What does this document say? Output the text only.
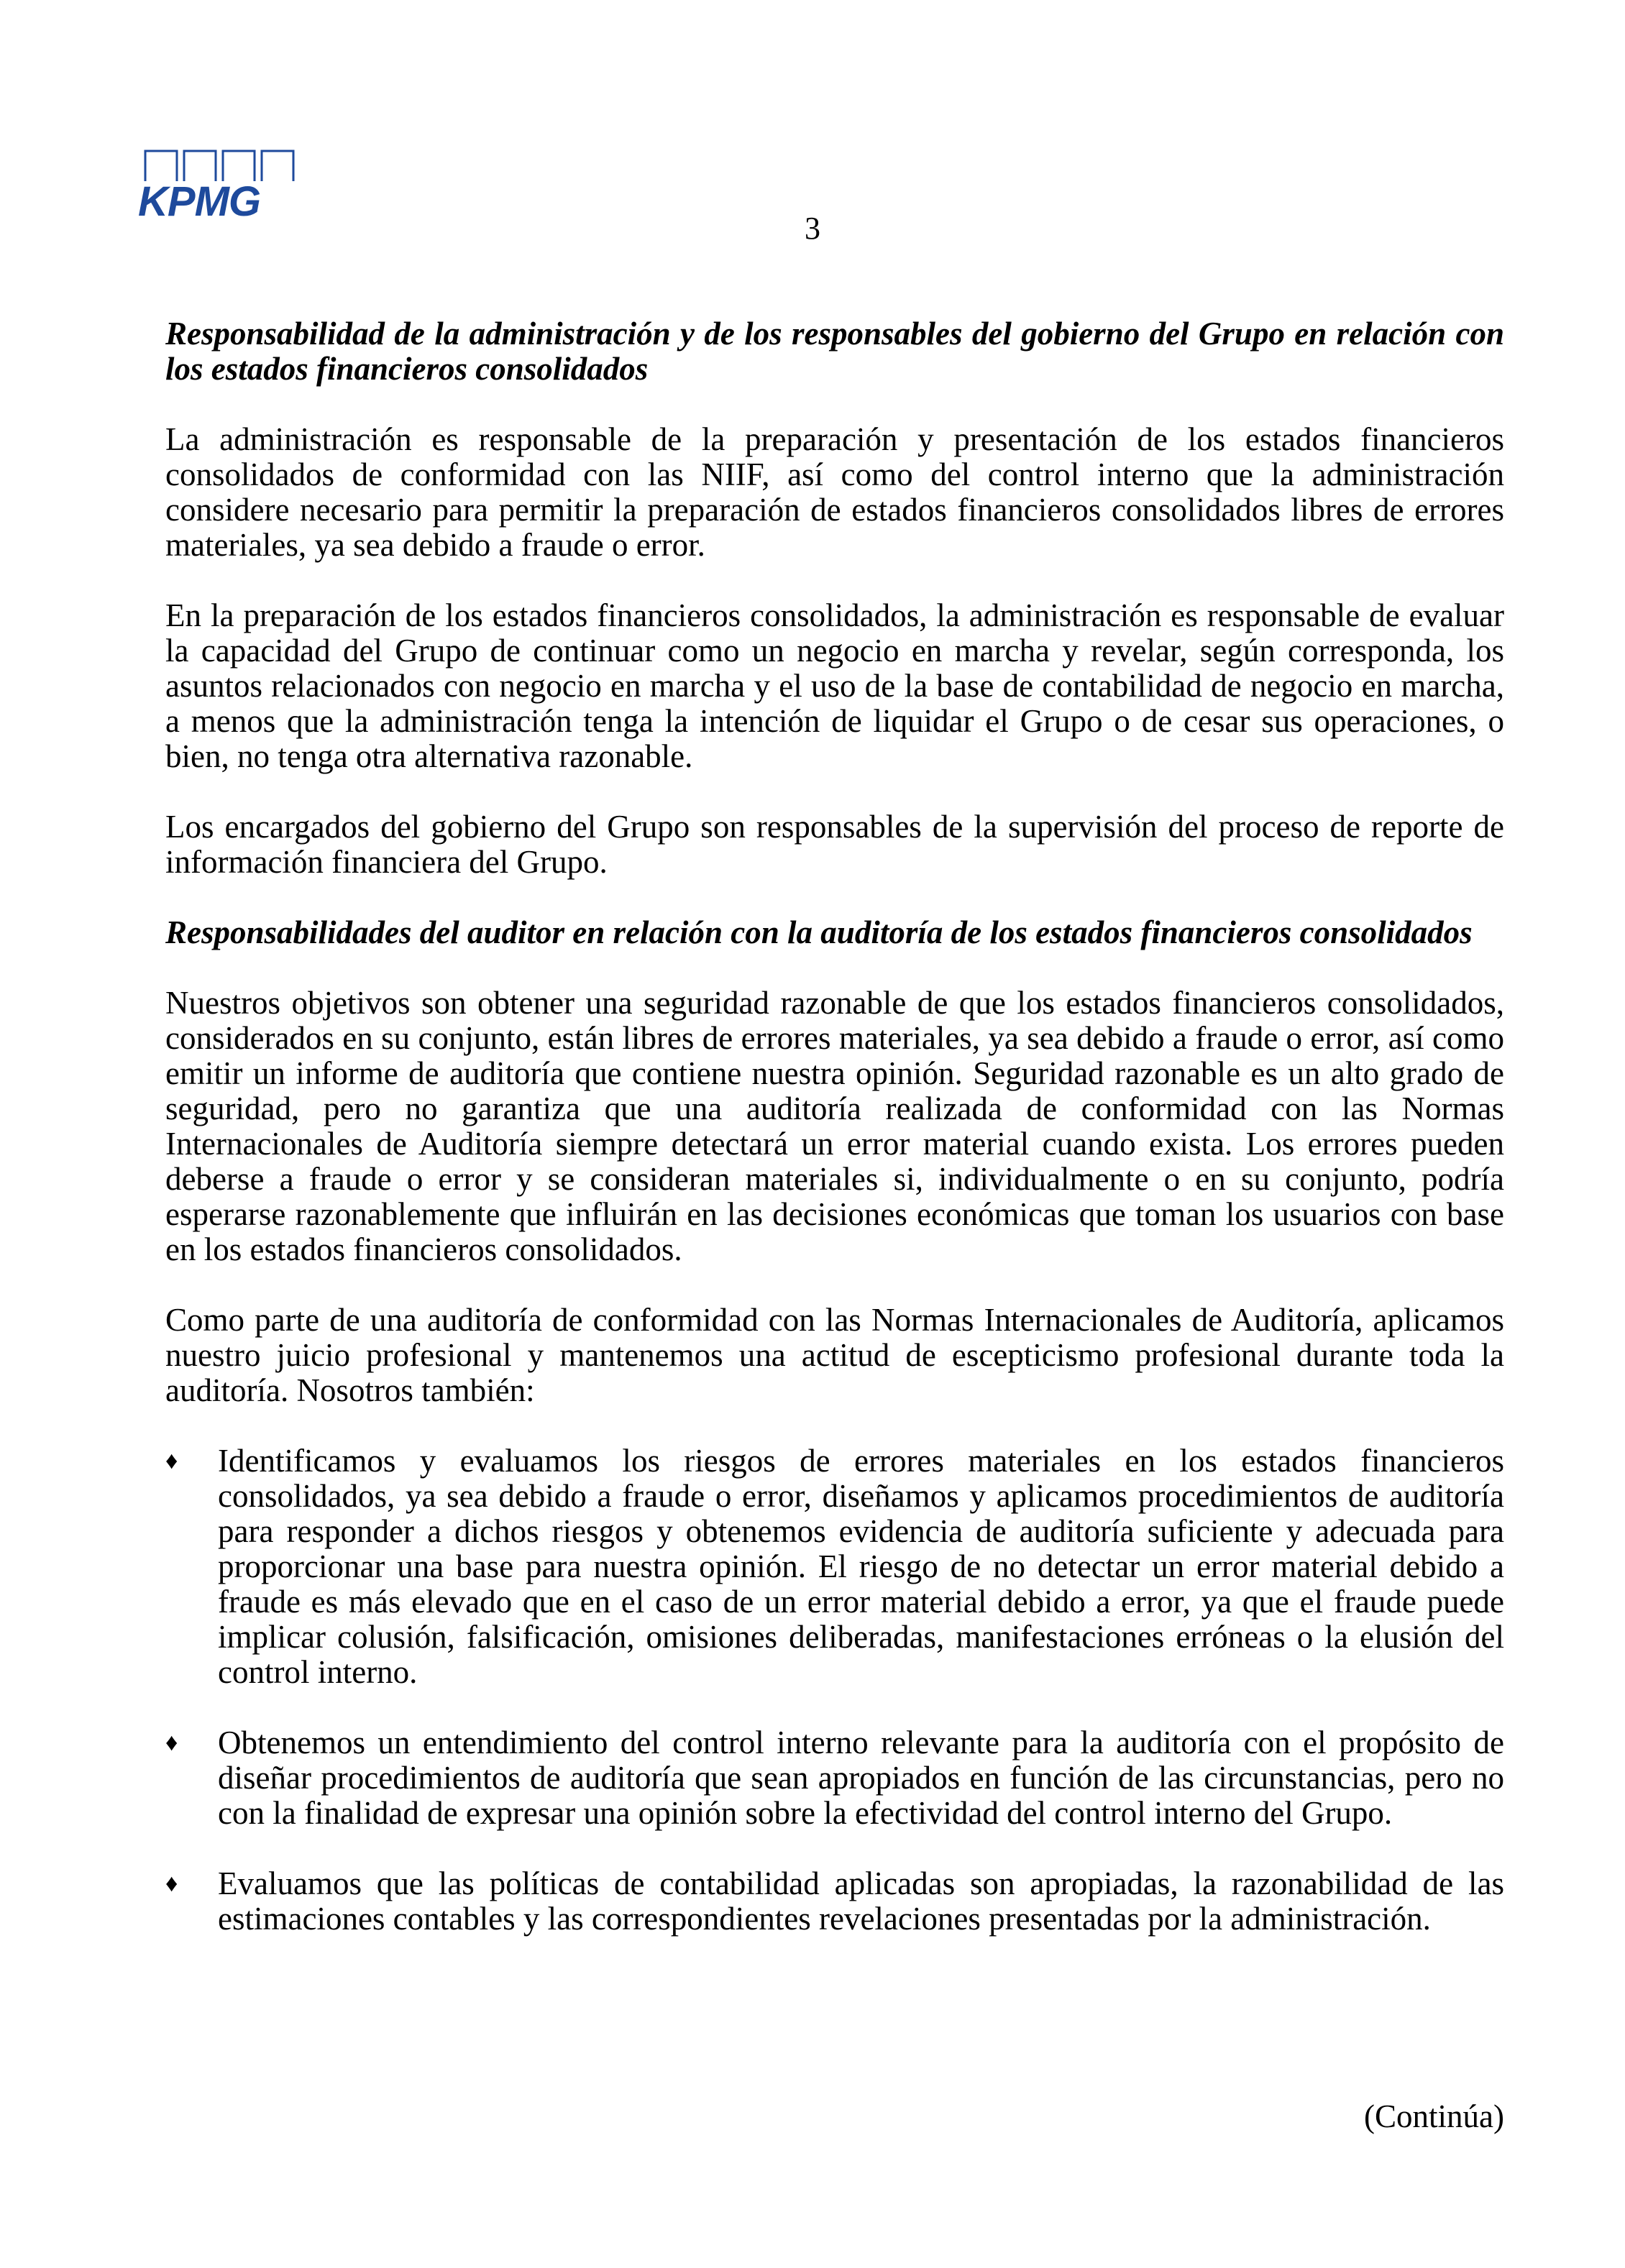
KPMG
3
Responsabilidad de la administración y de los responsables del gobierno del Grupo en relación con los estados financieros consolidados

La administración es responsable de la preparación y presentación de los estados financieros consolidados de conformidad con las NIIF, así como del control interno que la administración considere necesario para permitir la preparación de estados financieros consolidados libres de errores materiales, ya sea debido a fraude o error.

En la preparación de los estados financieros consolidados, la administración es responsable de evaluar la capacidad del Grupo de continuar como un negocio en marcha y revelar, según corresponda, los asuntos relacionados con negocio en marcha y el uso de la base de contabilidad de negocio en marcha, a menos que la administración tenga la intención de liquidar el Grupo o de cesar sus operaciones, o bien, no tenga otra alternativa razonable.

Los encargados del gobierno del Grupo son responsables de la supervisión del proceso de reporte de información financiera del Grupo.

Responsabilidades del auditor en relación con la auditoría de los estados financieros consolidados

Nuestros objetivos son obtener una seguridad razonable de que los estados financieros consolidados, considerados en su conjunto, están libres de errores materiales, ya sea debido a fraude o error, así como emitir un informe de auditoría que contiene nuestra opinión. Seguridad razonable es un alto grado de seguridad, pero no garantiza que una auditoría realizada de conformidad con las Normas Internacionales de Auditoría siempre detectará un error material cuando exista. Los errores pueden deberse a fraude o error y se consideran materiales si, individualmente o en su conjunto, podría esperarse razonablemente que influirán en las decisiones económicas que toman los usuarios con base en los estados financieros consolidados.

Como parte de una auditoría de conformidad con las Normas Internacionales de Auditoría, aplicamos nuestro juicio profesional y mantenemos una actitud de escepticismo profesional durante toda la auditoría. Nosotros también:

♦ Identificamos y evaluamos los riesgos de errores materiales en los estados financieros consolidados, ya sea debido a fraude o error, diseñamos y aplicamos procedimientos de auditoría para responder a dichos riesgos y obtenemos evidencia de auditoría suficiente y adecuada para proporcionar una base para nuestra opinión. El riesgo de no detectar un error material debido a fraude es más elevado que en el caso de un error material debido a error, ya que el fraude puede implicar colusión, falsificación, omisiones deliberadas, manifestaciones erróneas o la elusión del control interno.
♦ Obtenemos un entendimiento del control interno relevante para la auditoría con el propósito de diseñar procedimientos de auditoría que sean apropiados en función de las circunstancias, pero no con la finalidad de expresar una opinión sobre la efectividad del control interno del Grupo.
♦ Evaluamos que las políticas de contabilidad aplicadas son apropiadas, la razonabilidad de las estimaciones contables y las correspondientes revelaciones presentadas por la administración.
(Continúa)
